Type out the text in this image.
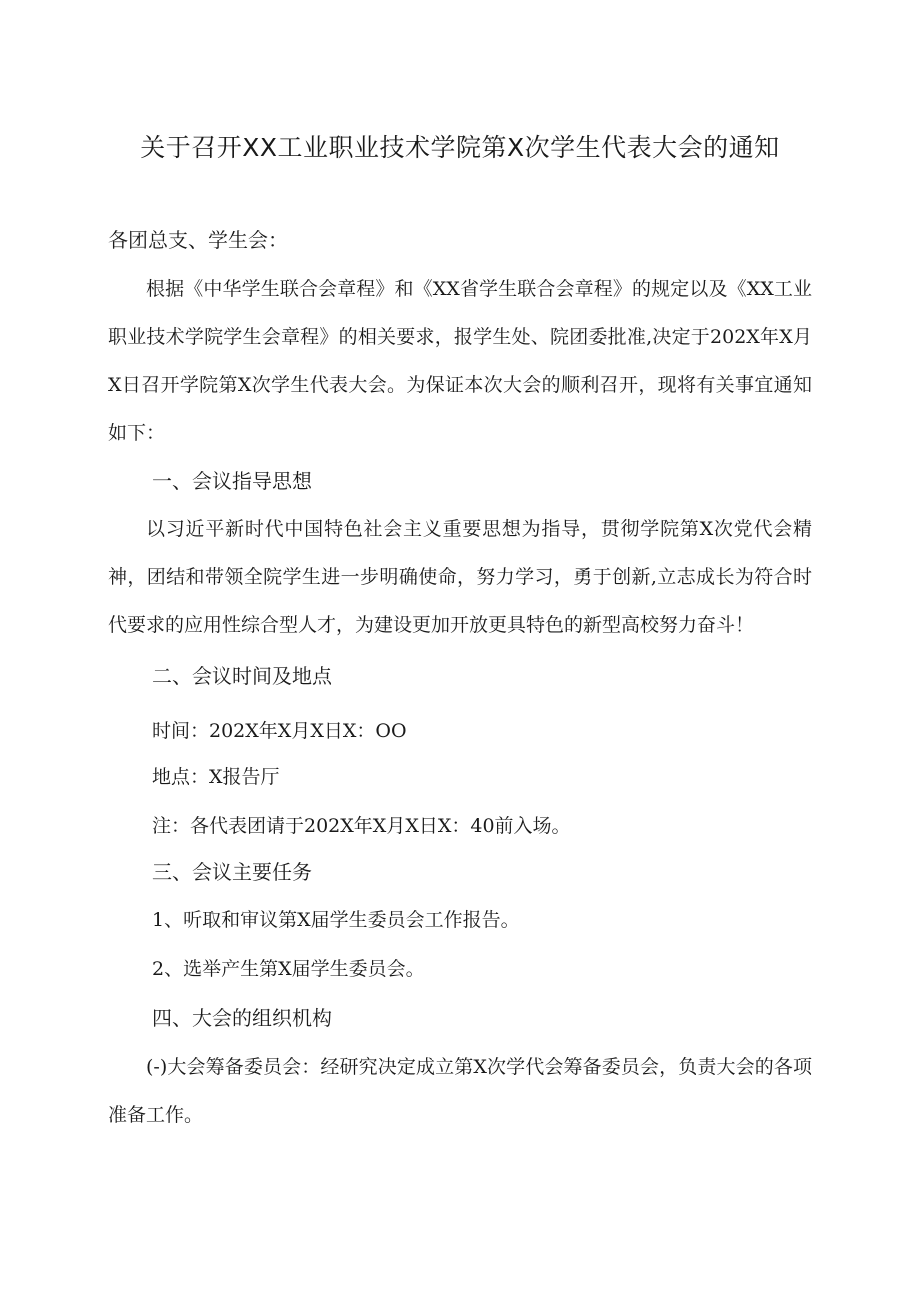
关于召开XX工业职业技术学院第X次学生代表大会的通知
各团总支、学生会：
根据《中华学生联合会章程》和《XX省学生联合会章程》的规定以及《XX工业职业技术学院学生会章程》的相关要求，报学生处、院团委批准,决定于202X年X月X日召开学院第X次学生代表大会。为保证本次大会的顺利召开，现将有关事宜通知如下：
一、会议指导思想
以习近平新时代中国特色社会主义重要思想为指导，贯彻学院第X次党代会精神，团结和带领全院学生进一步明确使命，努力学习，勇于创新,立志成长为符合时代要求的应用性综合型人才，为建设更加开放更具特色的新型高校努力奋斗！
二、会议时间及地点
时间：202X年X月X日X：OO
地点：X报告厅
注：各代表团请于202X年X月X日X：40前入场。
三、会议主要任务
1、听取和审议第X届学生委员会工作报告。
2、选举产生第X届学生委员会。
四、大会的组织机构
(-)大会筹备委员会：经研究决定成立第X次学代会筹备委员会，负责大会的各项准备工作。
